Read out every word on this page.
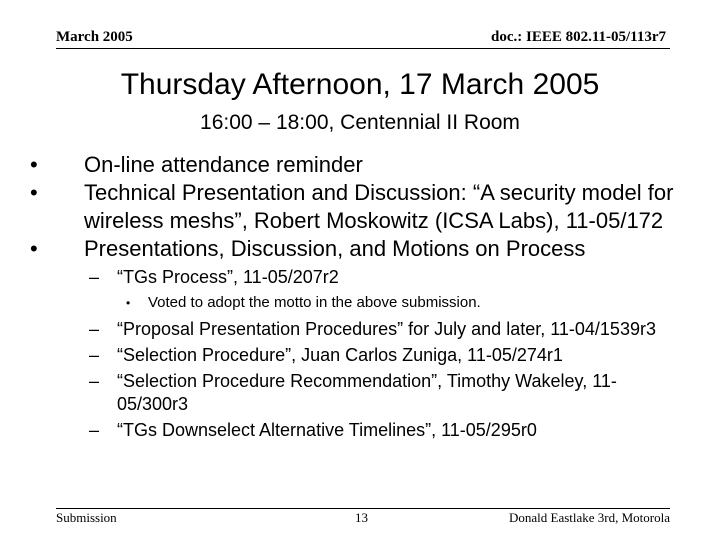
March 2005	doc.: IEEE 802.11-05/113r7
Thursday Afternoon, 17 March 2005
16:00 – 18:00, Centennial II Room
•	On-line attendance reminder
•	Technical Presentation and Discussion: “A security model for wireless meshs”, Robert Moskowitz (ICSA Labs), 11-05/172
•	Presentations, Discussion, and Motions on Process
– “TGs Process”, 11-05/207r2
• Voted to adopt the motto in the above submission.
– “Proposal Presentation Procedures” for July and later, 11-04/1539r3
– “Selection Procedure”, Juan Carlos Zuniga, 11-05/274r1
– “Selection Procedure Recommendation”, Timothy Wakeley, 11-05/300r3
– “TGs Downselect Alternative Timelines”, 11-05/295r0
Submission	13	Donald Eastlake 3rd, Motorola
